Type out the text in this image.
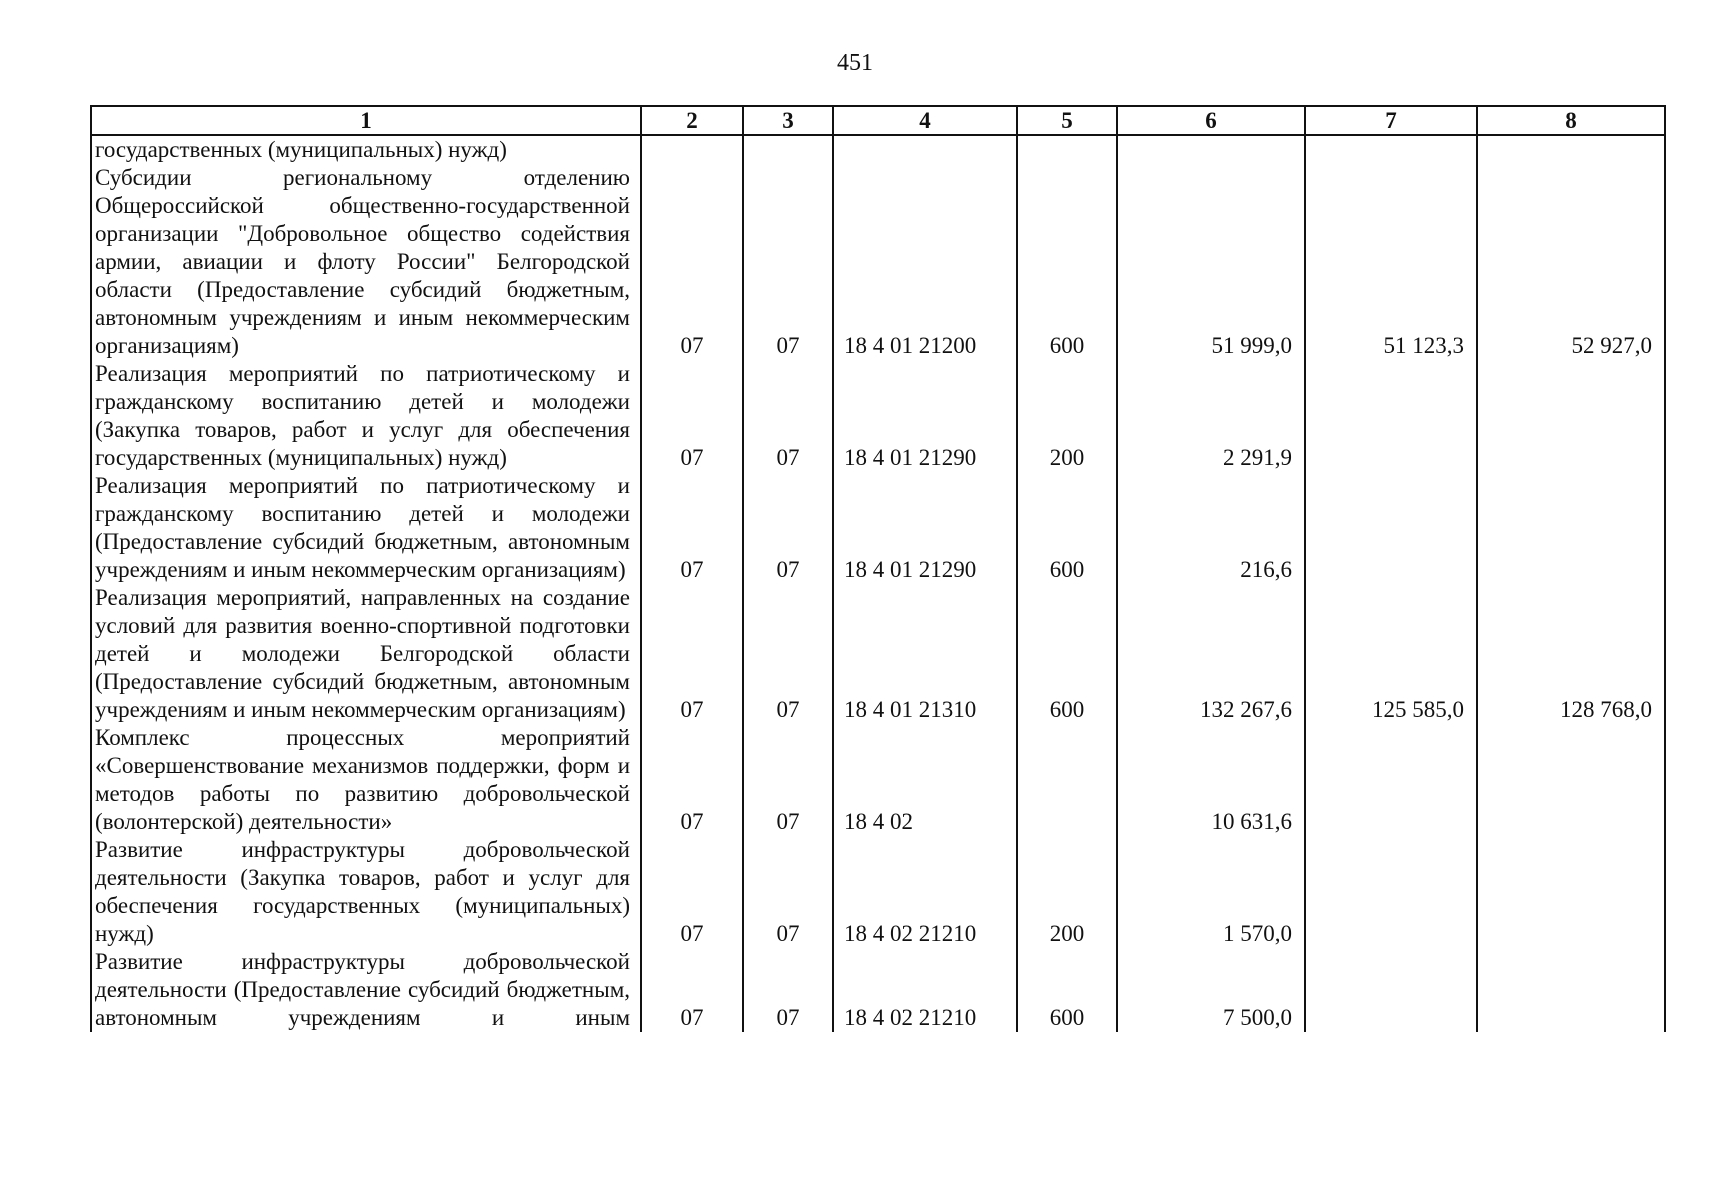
451
1	2	3	4	5	6	7	8
государственных (муниципальных) нужд)							
Субсидии региональному отделению Общероссийской общественно-государственной организации "Добровольное общество содействия армии, авиации и флоту России" Белгородской области (Предоставление субсидий бюджетным, автономным учреждениям и иным некоммерческим организациям)	07	07	18 4 01 21200	600	51 999,0	51 123,3	52 927,0
Реализация мероприятий по патриотическому и гражданскому воспитанию детей и молодежи (Закупка товаров, работ и услуг для обеспечения государственных (муниципальных) нужд)	07	07	18 4 01 21290	200	2 291,9		
Реализация мероприятий по патриотическому и гражданскому воспитанию детей и молодежи (Предоставление субсидий бюджетным, автономным учреждениям и иным некоммерческим организациям)	07	07	18 4 01 21290	600	216,6		
Реализация мероприятий, направленных на создание условий для развития военно-спортивной подготовки детей и молодежи Белгородской области (Предоставление субсидий бюджетным, автономным учреждениям и иным некоммерческим организациям)	07	07	18 4 01 21310	600	132 267,6	125 585,0	128 768,0
Комплекс процессных мероприятий «Совершенствование механизмов поддержки, форм и методов работы по развитию добровольческой (волонтерской) деятельности»	07	07	18 4 02		10 631,6		
Развитие инфраструктуры добровольческой деятельности (Закупка товаров, работ и услуг для обеспечения государственных (муниципальных) нужд)	07	07	18 4 02 21210	200	1 570,0		
Развитие инфраструктуры добровольческой деятельности (Предоставление субсидий бюджетным, автономным учреждениям и иным	07	07	18 4 02 21210	600	7 500,0		
